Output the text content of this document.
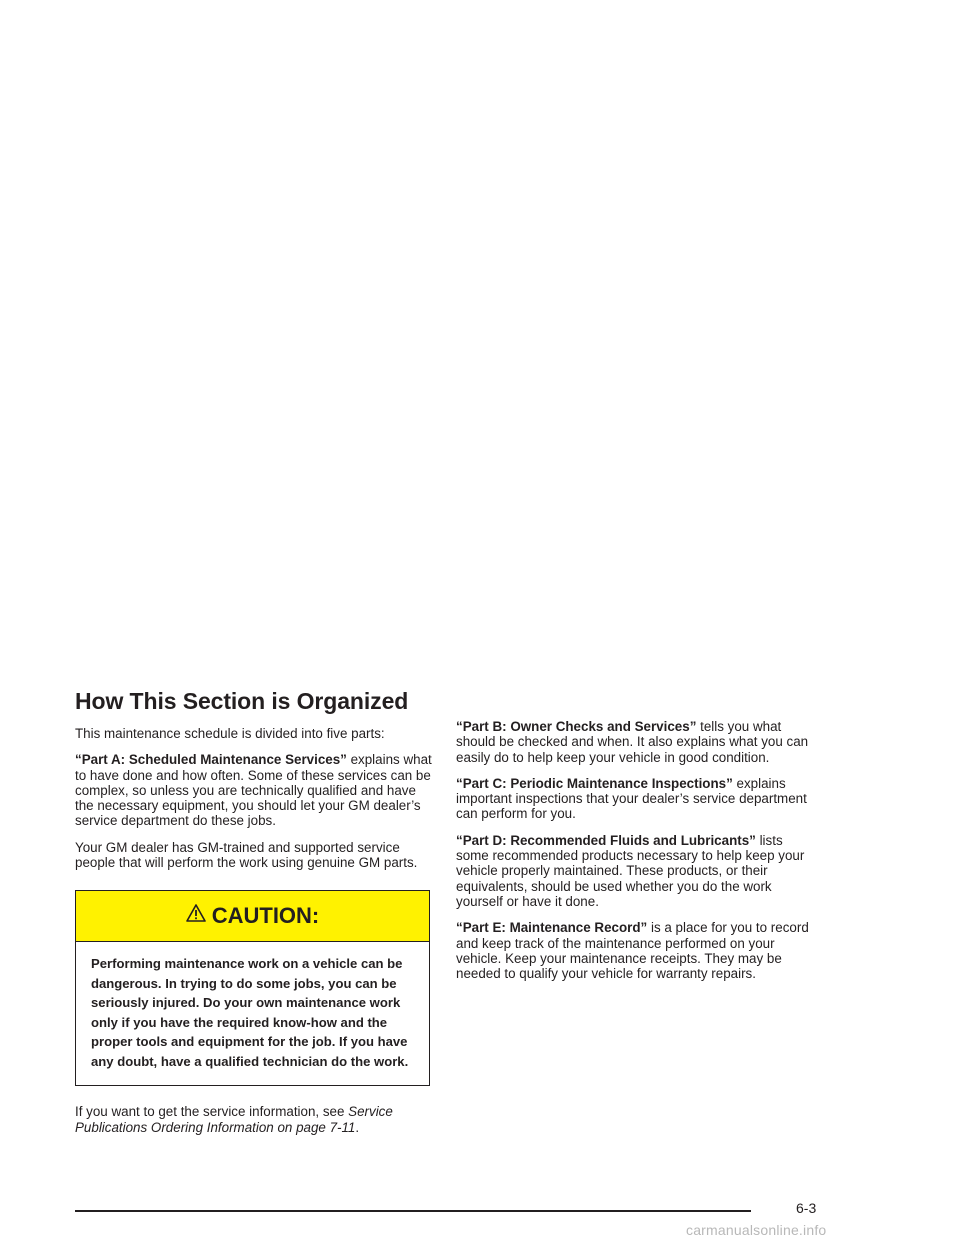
How This Section is Organized

This maintenance schedule is divided into five parts:

“Part A: Scheduled Maintenance Services” explains what to have done and how often. Some of these services can be complex, so unless you are technically qualified and have the necessary equipment, you should let your GM dealer’s service department do these jobs.

Your GM dealer has GM-trained and supported service people that will perform the work using genuine GM parts.

CAUTION:
Performing maintenance work on a vehicle can be dangerous. In trying to do some jobs, you can be seriously injured. Do your own maintenance work only if you have the required know-how and the proper tools and equipment for the job. If you have any doubt, have a qualified technician do the work.

If you want to get the service information, see Service Publications Ordering Information on page 7-11.

“Part B: Owner Checks and Services” tells you what should be checked and when. It also explains what you can easily do to help keep your vehicle in good condition.

“Part C: Periodic Maintenance Inspections” explains important inspections that your dealer’s service department can perform for you.

“Part D: Recommended Fluids and Lubricants” lists some recommended products necessary to help keep your vehicle properly maintained. These products, or their equivalents, should be used whether you do the work yourself or have it done.

“Part E: Maintenance Record” is a place for you to record and keep track of the maintenance performed on your vehicle. Keep your maintenance receipts. They may be needed to qualify your vehicle for warranty repairs.

6-3
carmanualsonline.info
